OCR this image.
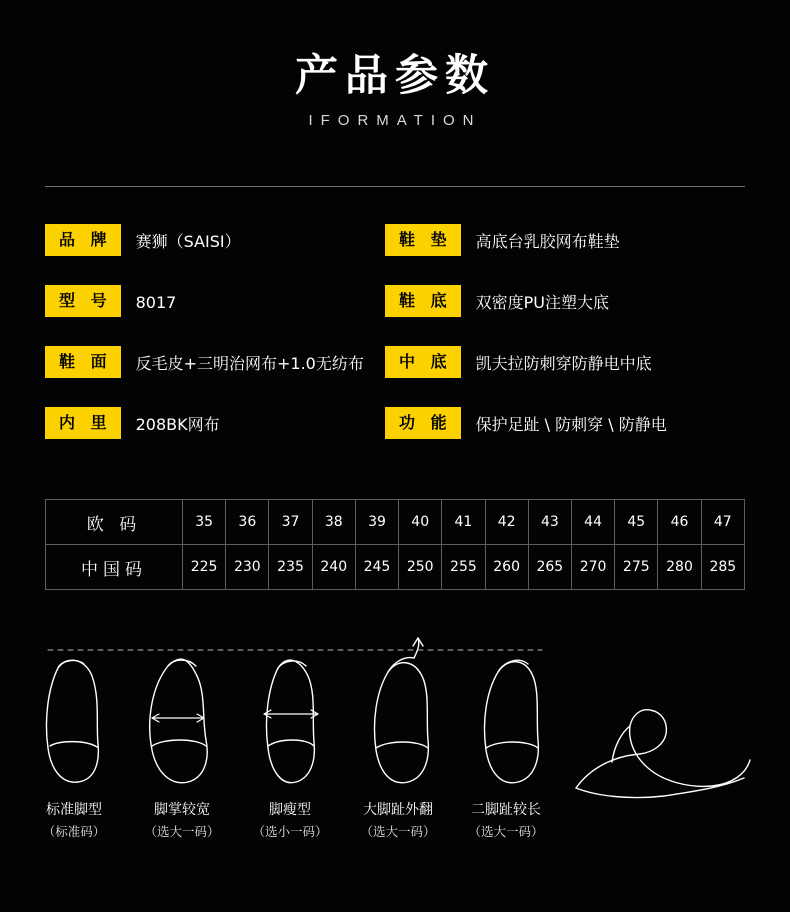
产品参数
IFORMATION
品 牌	赛狮（SAISI）	鞋 垫	高底台乳胶网布鞋垫
型 号	8017	鞋 底	双密度PU注塑大底
鞋 面	反毛皮+三明治网布+1.0无纺布	中 底	凯夫拉防刺穿防静电中底
内 里	208BK网布	功 能	保护足趾 \ 防刺穿 \ 防静电
欧 码	35	36	37	38	39	40	41	42	43	44	45	46	47
中国码	225	230	235	240	245	250	255	260	265	270	275	280	285
标准脚型
（标准码）
脚掌较宽
（选大一码）
脚瘦型
（选小一码）
大脚趾外翻
（选大一码）
二脚趾较长
（选大一码）
